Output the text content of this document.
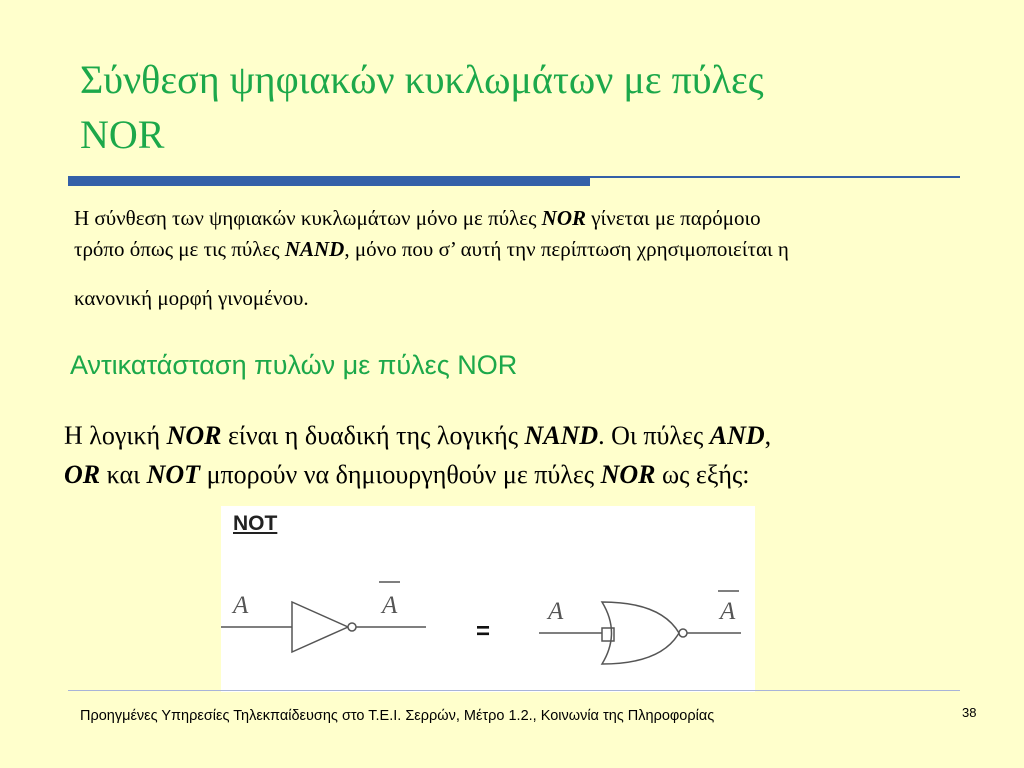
Σύνθεση ψηφιακών κυκλωμάτων με πύλες
NOR
Η σύνθεση των ψηφιακών κυκλωμάτων μόνο με πύλες NOR γίνεται με παρόμοιο
τρόπο όπως με τις πύλες NAND, μόνο που σ’ αυτή την περίπτωση χρησιμοποιείται η
κανονική μορφή γινομένου.
Αντικατάσταση πυλών με πύλες NOR
Η λογική NOR είναι η δυαδική της λογικής NAND. Οι πύλες AND,
OR και NOT μπορούν να δημιουργηθούν με πύλες NOR ως εξής:
NOT
A	A
=
A	A
Προηγμένες Υπηρεσίες Τηλεκπαίδευσης στο Τ.Ε.Ι. Σερρών, Μέτρο 1.2., Κοινωνία της Πληροφορίας	38
